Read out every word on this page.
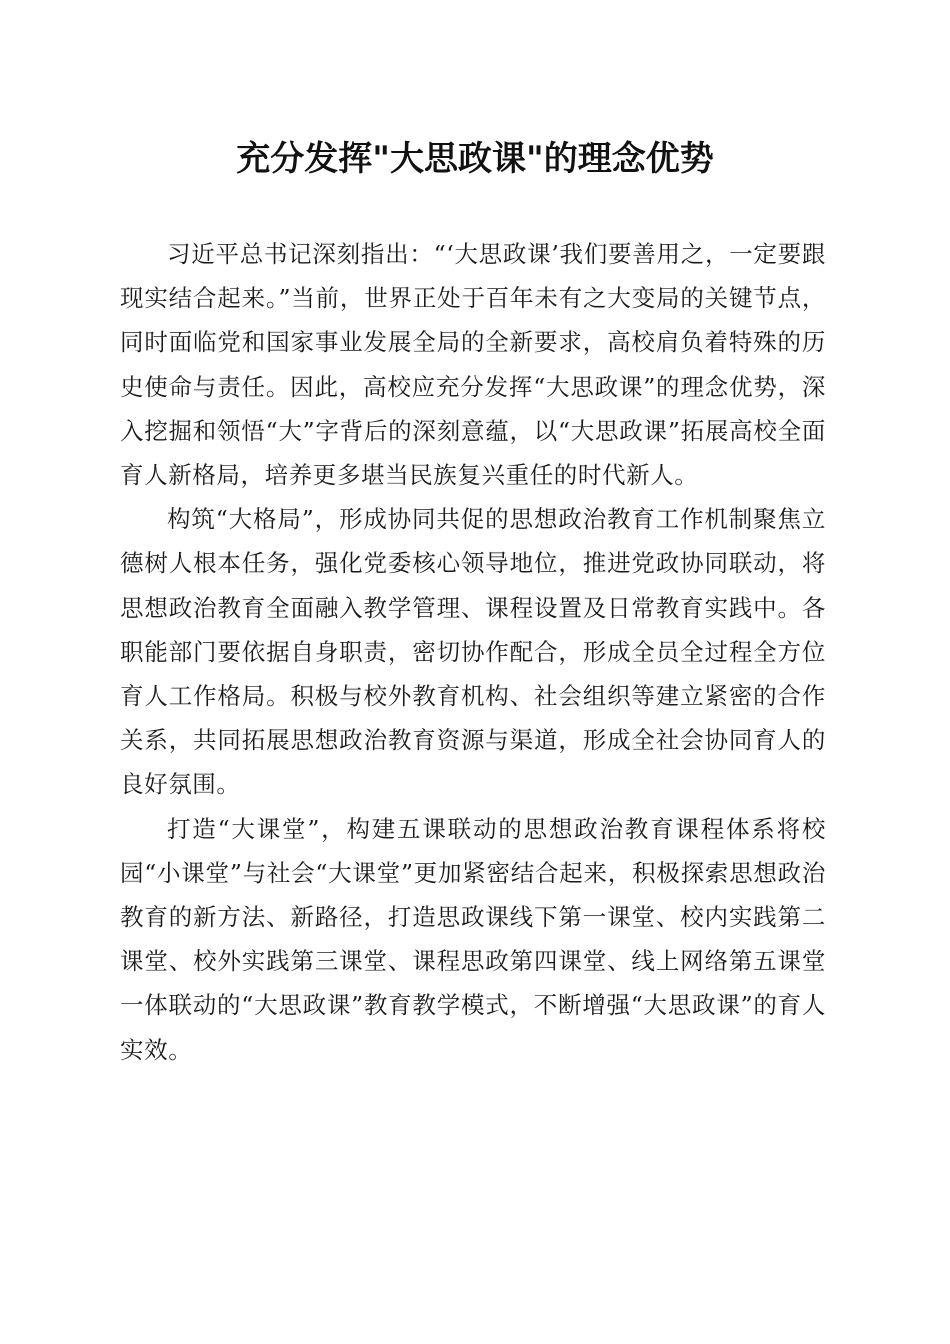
充分发挥"大思政课"的理念优势

习近平总书记深刻指出：“‘大思政课’我们要善用之，一定要跟现实结合起来。”当前，世界正处于百年未有之大变局的关键节点，同时面临党和国家事业发展全局的全新要求，高校肩负着特殊的历史使命与责任。因此，高校应充分发挥“大思政课”的理念优势，深入挖掘和领悟“大”字背后的深刻意蕴，以“大思政课”拓展高校全面育人新格局，培养更多堪当民族复兴重任的时代新人。

构筑“大格局”，形成协同共促的思想政治教育工作机制聚焦立德树人根本任务，强化党委核心领导地位，推进党政协同联动，将思想政治教育全面融入教学管理、课程设置及日常教育实践中。各职能部门要依据自身职责，密切协作配合，形成全员全过程全方位育人工作格局。积极与校外教育机构、社会组织等建立紧密的合作关系，共同拓展思想政治教育资源与渠道，形成全社会协同育人的良好氛围。

打造“大课堂”，构建五课联动的思想政治教育课程体系将校园“小课堂”与社会“大课堂”更加紧密结合起来，积极探索思想政治教育的新方法、新路径，打造思政课线下第一课堂、校内实践第二课堂、校外实践第三课堂、课程思政第四课堂、线上网络第五课堂一体联动的“大思政课”教育教学模式，不断增强“大思政课”的育人实效。
